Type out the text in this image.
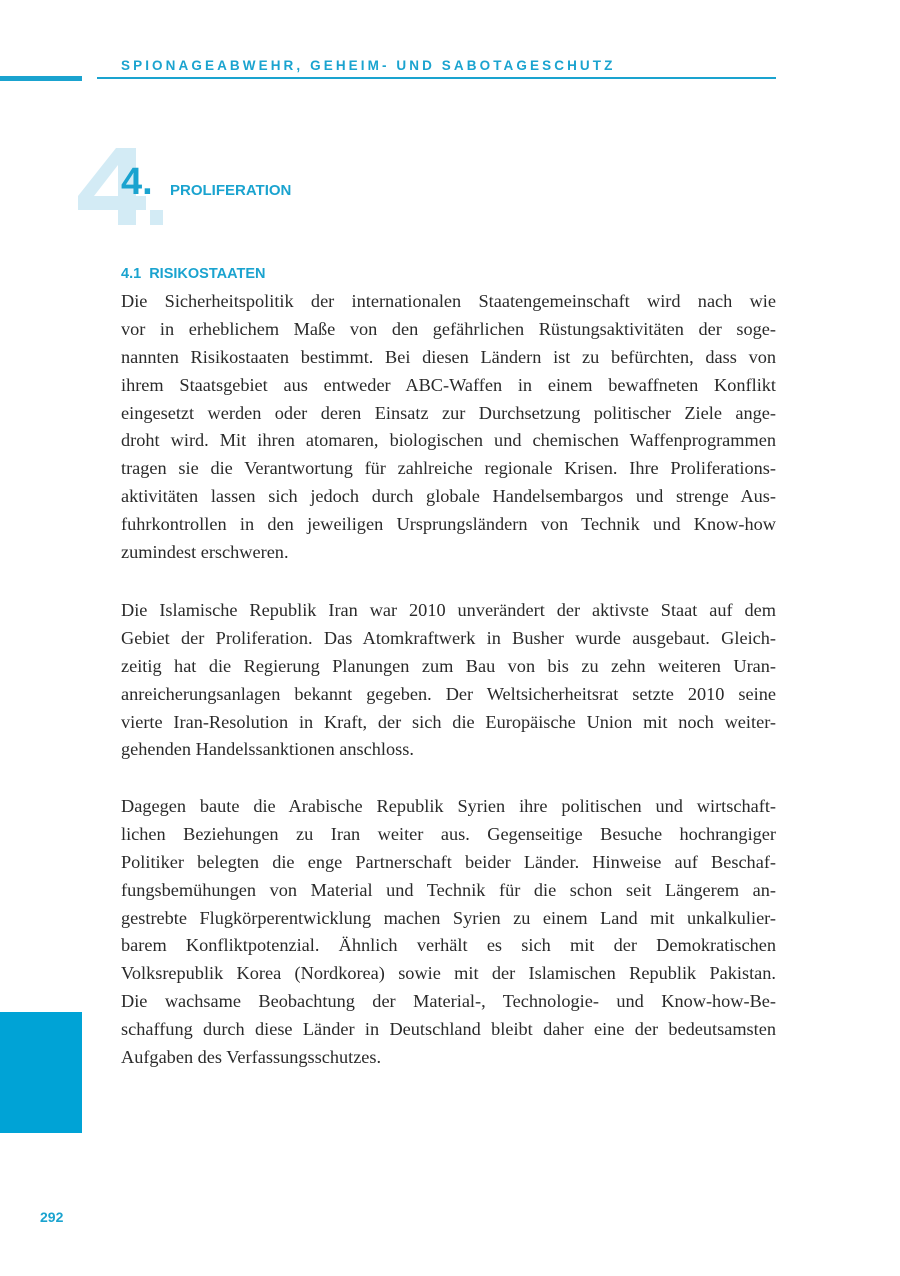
SPIONAGEABWEHR, GEHEIM- UND SABOTAGESCHUTZ
4. PROLIFERATION
4.1  RISIKOSTAATEN
Die Sicherheitspolitik der internationalen Staatengemeinschaft wird nach wie
vor in erheblichem Maße von den gefährlichen Rüstungsaktivitäten der soge-
nannten Risikostaaten bestimmt. Bei diesen Ländern ist zu befürchten, dass von
ihrem Staatsgebiet aus entweder ABC-Waffen in einem bewaffneten Konflikt
eingesetzt werden oder deren Einsatz zur Durchsetzung politischer Ziele ange-
droht wird. Mit ihren atomaren, biologischen und chemischen Waffenprogrammen
tragen sie die Verantwortung für zahlreiche regionale Krisen. Ihre Proliferations-
aktivitäten lassen sich jedoch durch globale Handelsembargos und strenge Aus-
fuhrkontrollen in den jeweiligen Ursprungsländern von Technik und Know-how
zumindest erschweren.
Die Islamische Republik Iran war 2010 unverändert der aktivste Staat auf dem
Gebiet der Proliferation. Das Atomkraftwerk in Busher wurde ausgebaut. Gleich-
zeitig hat die Regierung Planungen zum Bau von bis zu zehn weiteren Uran-
anreicherungsanlagen bekannt gegeben. Der Weltsicherheitsrat setzte 2010 seine
vierte Iran-Resolution in Kraft, der sich die Europäische Union mit noch weiter-
gehenden Handelssanktionen anschloss.
Dagegen baute die Arabische Republik Syrien ihre politischen und wirtschaft-
lichen Beziehungen zu Iran weiter aus. Gegenseitige Besuche hochrangiger
Politiker belegten die enge Partnerschaft beider Länder. Hinweise auf Beschaf-
fungsbemühungen von Material und Technik für die schon seit Längerem an-
gestrebte Flugkörperentwicklung machen Syrien zu einem Land mit unkalkulier-
barem Konfliktpotenzial. Ähnlich verhält es sich mit der Demokratischen
Volksrepublik Korea (Nordkorea) sowie mit der Islamischen Republik Pakistan.
Die wachsame Beobachtung der Material-, Technologie- und Know-how-Be-
schaffung durch diese Länder in Deutschland bleibt daher eine der bedeutsamsten
Aufgaben des Verfassungsschutzes.
292
